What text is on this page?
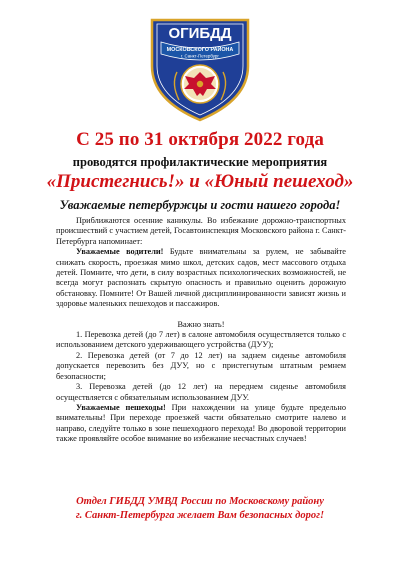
ОГИБДД
МОСКОВСКОГО РАЙОНА
г. Санкт-Петербург
С 25 по 31 октября 2022 года
проводятся профилактические мероприятия
«Пристегнись!» и «Юный пешеход»
Уважаемые петербуржцы и гости нашего города!

Приближаются осенние каникулы. Во избежание дорожно-транспортных происшествий с участием детей, Госавтоинспекция Московского района г. Санкт-Петербурга напоминает:

Уважаемые водители! Будьте внимательны за рулем, не забывайте снижать скорость, проезжая мимо школ, детских садов, мест массового отдыха детей. Помните, что дети, в силу возрастных психологических возможностей, не всегда могут распознать скрытую опасность и правильно оценить дорожную обстановку. Помните! От Вашей личной дисциплинированности зависят жизнь и здоровье маленьких пешеходов и пассажиров.

Важно знать!

1. Перевозка детей (до 7 лет) в салоне автомобиля осуществляется только с использованием детского удерживающего устройства (ДУУ);

2. Перевозка детей (от 7 до 12 лет) на заднем сиденье автомобиля допускается перевозить без ДУУ, но с пристегнутым штатным ремнем безопасности;

3. Перевозка детей (до 12 лет) на переднем сиденье автомобиля осуществляется с обязательным использованием ДУУ.

Уважаемые пешеходы! При нахождении на улице будьте предельно внимательны! При переходе проезжей части обязательно смотрите налево и направо, следуйте только в зоне пешеходного перехода! Во дворовой территории также проявляйте особое внимание во избежание несчастных случаев!

Отдел ГИБДД УМВД России по Московскому району
г. Санкт-Петербурга желает Вам безопасных дорог!
